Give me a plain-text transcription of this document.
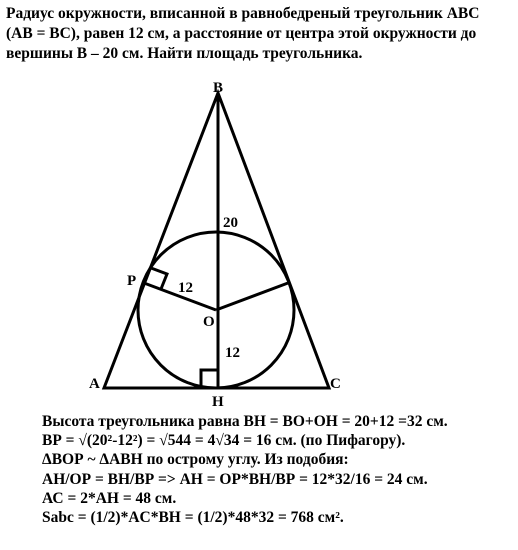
Радиус окружности, вписанной в равнобедреный треугольник АВС
(АВ = ВС), равен 12 см, а расстояние от центра этой окружности до
вершины В – 20 см. Найти площадь треугольника.
B
A	C
H
O
P
20
12
12
Высота треугольника равна ВН = ВО+ОН = 20+12 =32 см.
ВР = √(20²-12²) = √544 = 4√34 = 16 см. (по Пифагору).
ΔВОР ~ ΔАВН по острому углу. Из подобия:
АН/ОР = ВН/ВР => АН = ОР*ВН/ВР = 12*32/16 = 24 см.
АС = 2*АН = 48 см.
Sabc = (1/2)*AC*BH = (1/2)*48*32 = 768 см².
